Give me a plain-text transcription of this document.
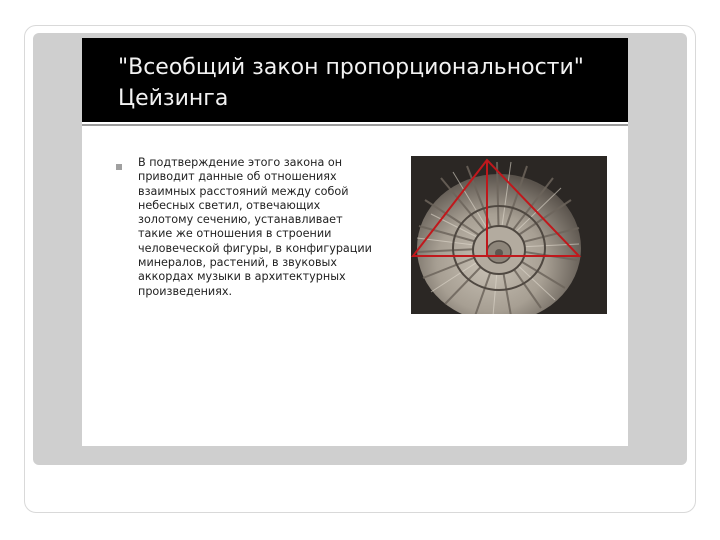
"Всеобщий закон пропорциональности" Цейзинга

В подтверждение этого закона он приводит данные об отношениях взаимных расстояний между собой небесных светил, отвечающих золотому сечению, устанавливает такие же отношения в строении человеческой фигуры, в конфигурации минералов, растений, в звуковых аккордах музыки в архитектурных произведениях.
